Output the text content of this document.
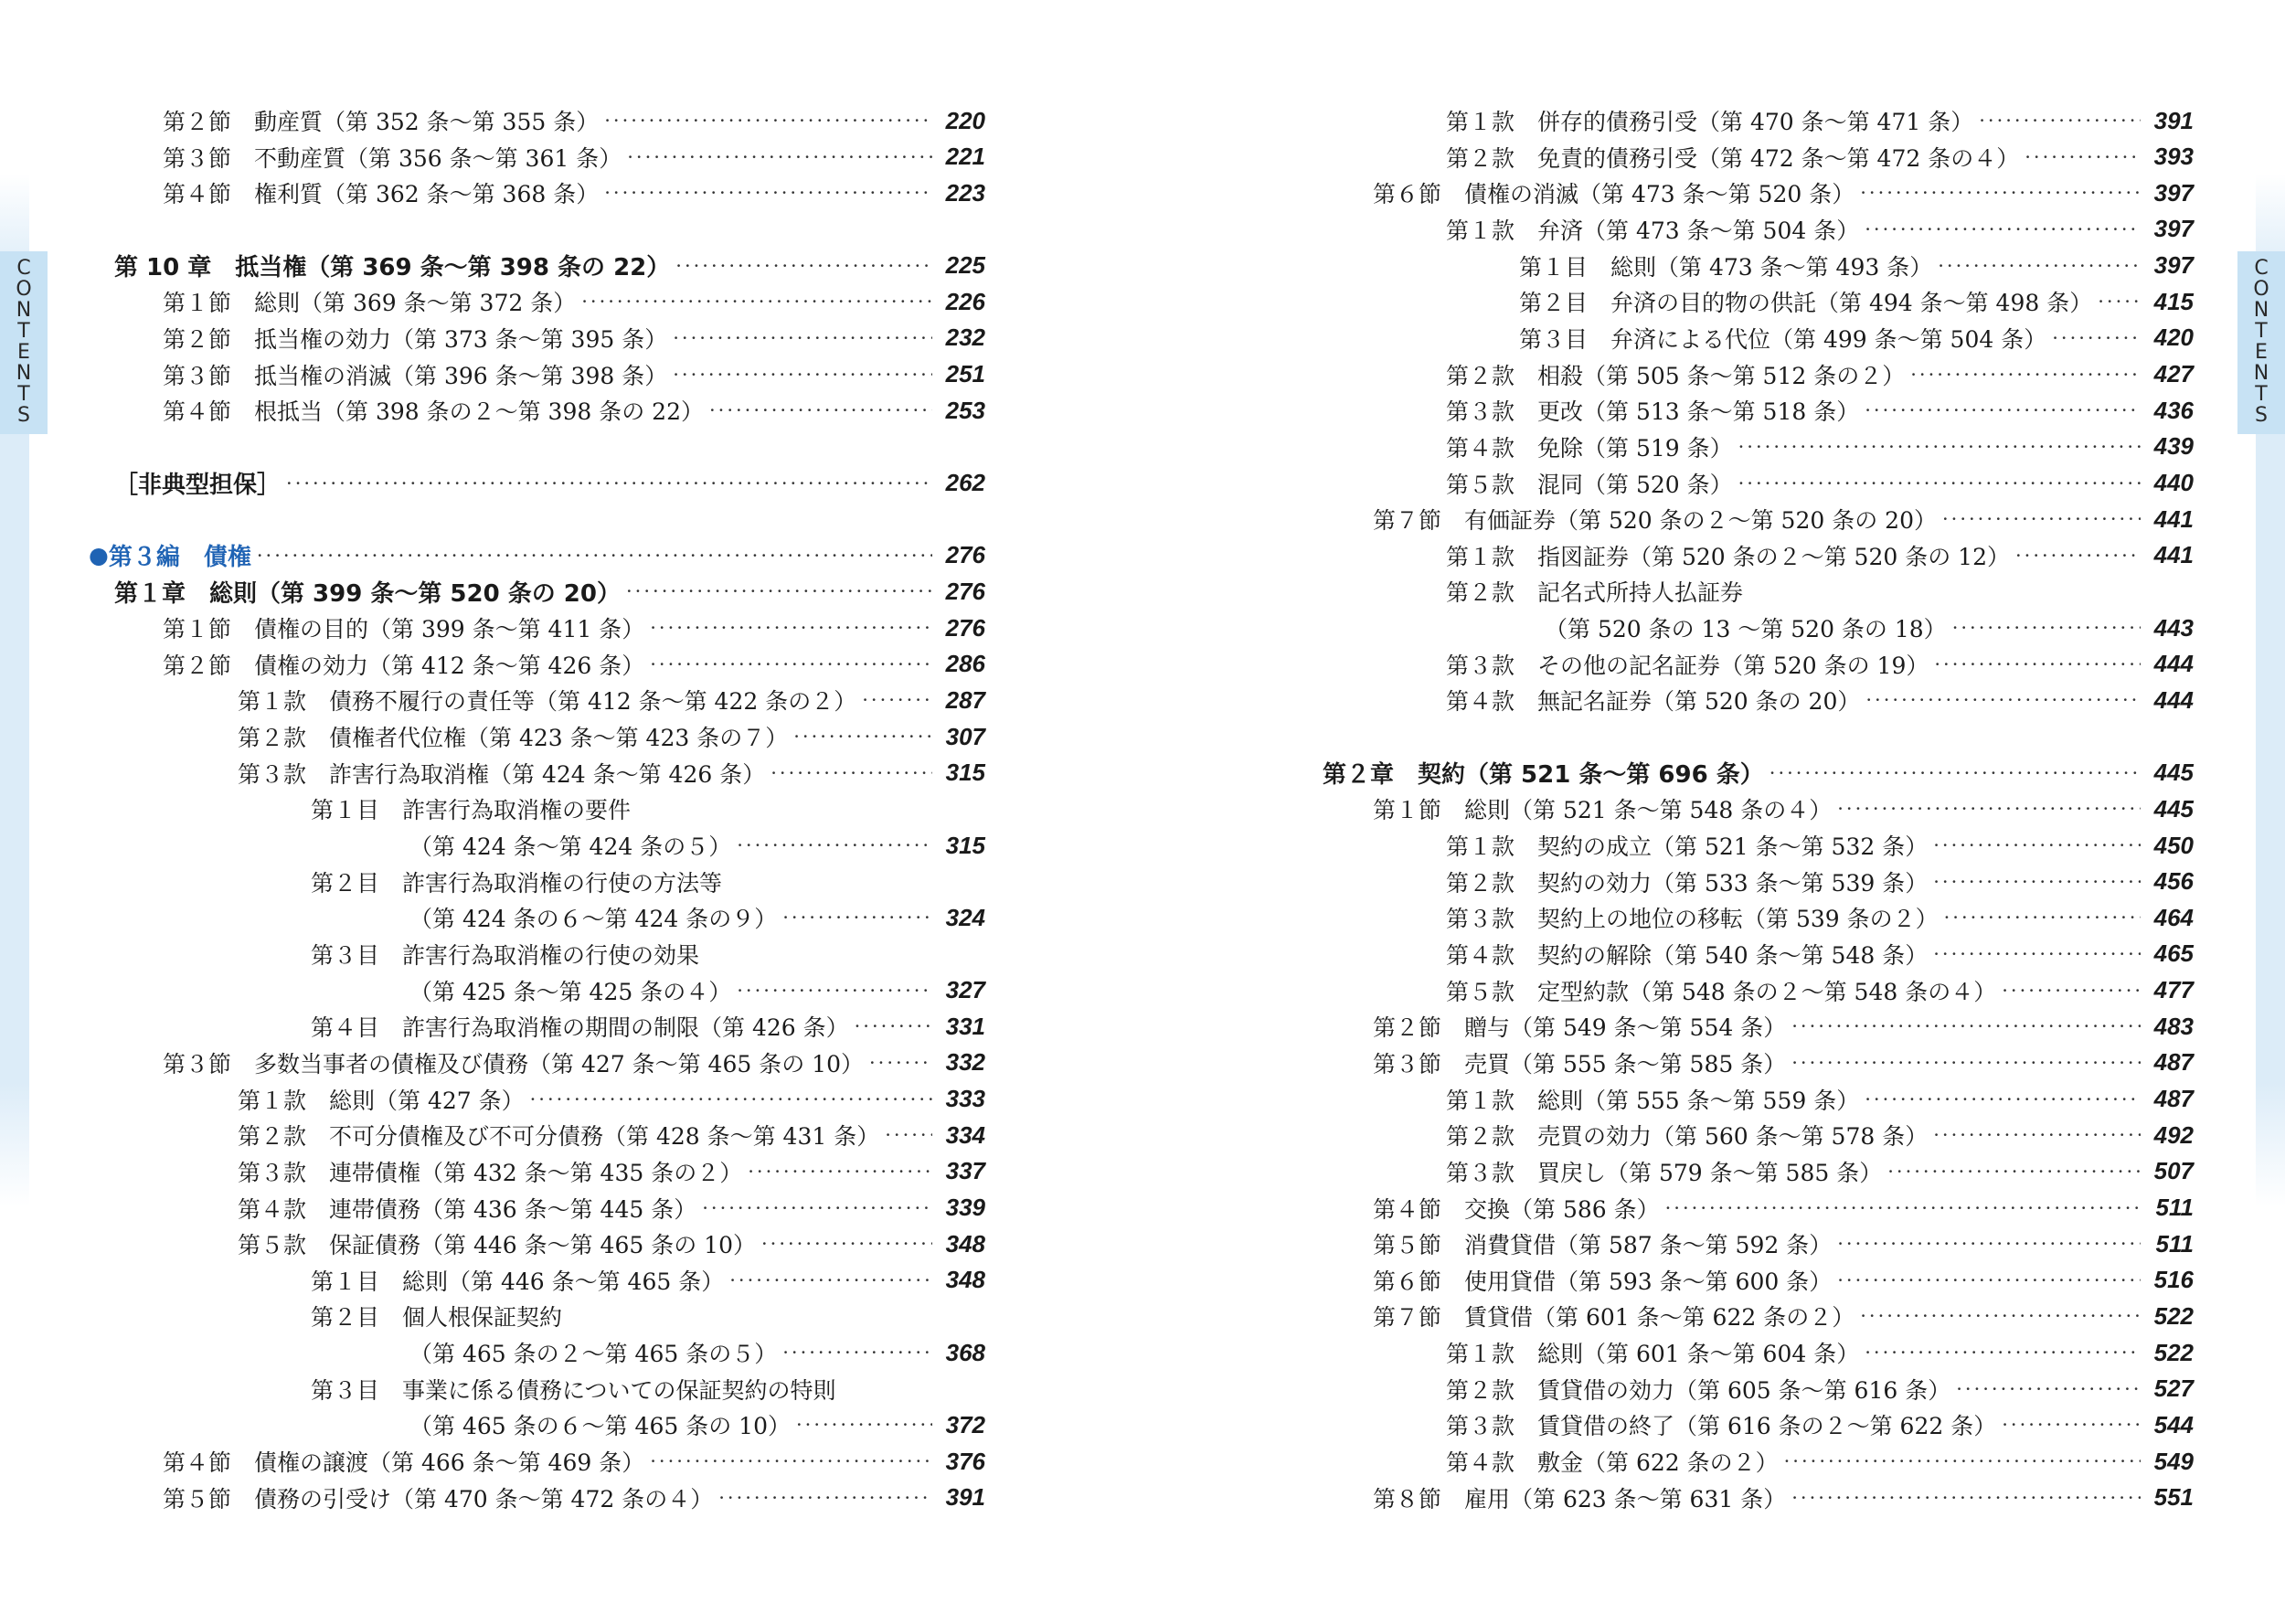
C
O
N
T
E
N
T
S
C
O
N
T
E
N
T
S
第２節　動産質（第 352 条～第 355 条） ·····	220
第３節　不動産質（第 356 条～第 361 条） ·····	221
第４節　権利質（第 362 条～第 368 条） ·····	223
第 10 章　抵当権（第 369 条～第 398 条の 22） ·····	225
第１節　総則（第 369 条～第 372 条） ·····	226
第２節　抵当権の効力（第 373 条～第 395 条） ·····	232
第３節　抵当権の消滅（第 396 条～第 398 条） ·····	251
第４節　根抵当（第 398 条の２～第 398 条の 22） ·····	253
［非典型担保］ ·····	262
● 第３編　債権 ·····	276
第１章　総則（第 399 条～第 520 条の 20） ·····	276
第１節　債権の目的（第 399 条～第 411 条） ·····	276
第２節　債権の効力（第 412 条～第 426 条） ·····	286
第１款　債務不履行の責任等（第 412 条～第 422 条の２） ·····	287
第２款　債権者代位権（第 423 条～第 423 条の７） ·····	307
第３款　詐害行為取消権（第 424 条～第 426 条） ·····	315
第１目　詐害行為取消権の要件
（第 424 条～第 424 条の５） ·····	315
第２目　詐害行為取消権の行使の方法等
（第 424 条の６～第 424 条の９） ·····	324
第３目　詐害行為取消権の行使の効果
（第 425 条～第 425 条の４） ·····	327
第４目　詐害行為取消権の期間の制限（第 426 条） ·····	331
第３節　多数当事者の債権及び債務（第 427 条～第 465 条の 10） ·····	332
第１款　総則（第 427 条） ·····	333
第２款　不可分債権及び不可分債務（第 428 条～第 431 条） ·····	334
第３款　連帯債権（第 432 条～第 435 条の２） ·····	337
第４款　連帯債務（第 436 条～第 445 条） ·····	339
第５款　保証債務（第 446 条～第 465 条の 10） ·····	348
第１目　総則（第 446 条～第 465 条） ·····	348
第２目　個人根保証契約
（第 465 条の２～第 465 条の５） ·····	368
第３目　事業に係る債務についての保証契約の特則
（第 465 条の６～第 465 条の 10） ·····	372
第４節　債権の譲渡（第 466 条～第 469 条） ·····	376
第５節　債務の引受け（第 470 条～第 472 条の４） ·····	391
第１款　併存的債務引受（第 470 条～第 471 条） ·····	391
第２款　免責的債務引受（第 472 条～第 472 条の４） ·····	393
第６節　債権の消滅（第 473 条～第 520 条） ·····	397
第１款　弁済（第 473 条～第 504 条） ·····	397
第１目　総則（第 473 条～第 493 条） ·····	397
第２目　弁済の目的物の供託（第 494 条～第 498 条） ·····	415
第３目　弁済による代位（第 499 条～第 504 条） ·····	420
第２款　相殺（第 505 条～第 512 条の２） ·····	427
第３款　更改（第 513 条～第 518 条） ·····	436
第４款　免除（第 519 条） ·····	439
第５款　混同（第 520 条） ·····	440
第７節　有価証券（第 520 条の２～第 520 条の 20） ·····	441
第１款　指図証券（第 520 条の２～第 520 条の 12） ·····	441
第２款　記名式所持人払証券
（第 520 条の 13 ～第 520 条の 18） ·····	443
第３款　その他の記名証券（第 520 条の 19） ·····	444
第４款　無記名証券（第 520 条の 20） ·····	444
第２章　契約（第 521 条～第 696 条） ·····	445
第１節　総則（第 521 条～第 548 条の４） ·····	445
第１款　契約の成立（第 521 条～第 532 条） ·····	450
第２款　契約の効力（第 533 条～第 539 条） ·····	456
第３款　契約上の地位の移転（第 539 条の２） ·····	464
第４款　契約の解除（第 540 条～第 548 条） ·····	465
第５款　定型約款（第 548 条の２～第 548 条の４） ·····	477
第２節　贈与（第 549 条～第 554 条） ·····	483
第３節　売買（第 555 条～第 585 条） ·····	487
第１款　総則（第 555 条～第 559 条） ·····	487
第２款　売買の効力（第 560 条～第 578 条） ·····	492
第３款　買戻し（第 579 条～第 585 条） ·····	507
第４節　交換（第 586 条） ·····	511
第５節　消費貸借（第 587 条～第 592 条） ·····	511
第６節　使用貸借（第 593 条～第 600 条） ·····	516
第７節　賃貸借（第 601 条～第 622 条の２） ·····	522
第１款　総則（第 601 条～第 604 条） ·····	522
第２款　賃貸借の効力（第 605 条～第 616 条） ·····	527
第３款　賃貸借の終了（第 616 条の２～第 622 条） ·····	544
第４款　敷金（第 622 条の２） ·····	549
第８節　雇用（第 623 条～第 631 条） ·····	551
